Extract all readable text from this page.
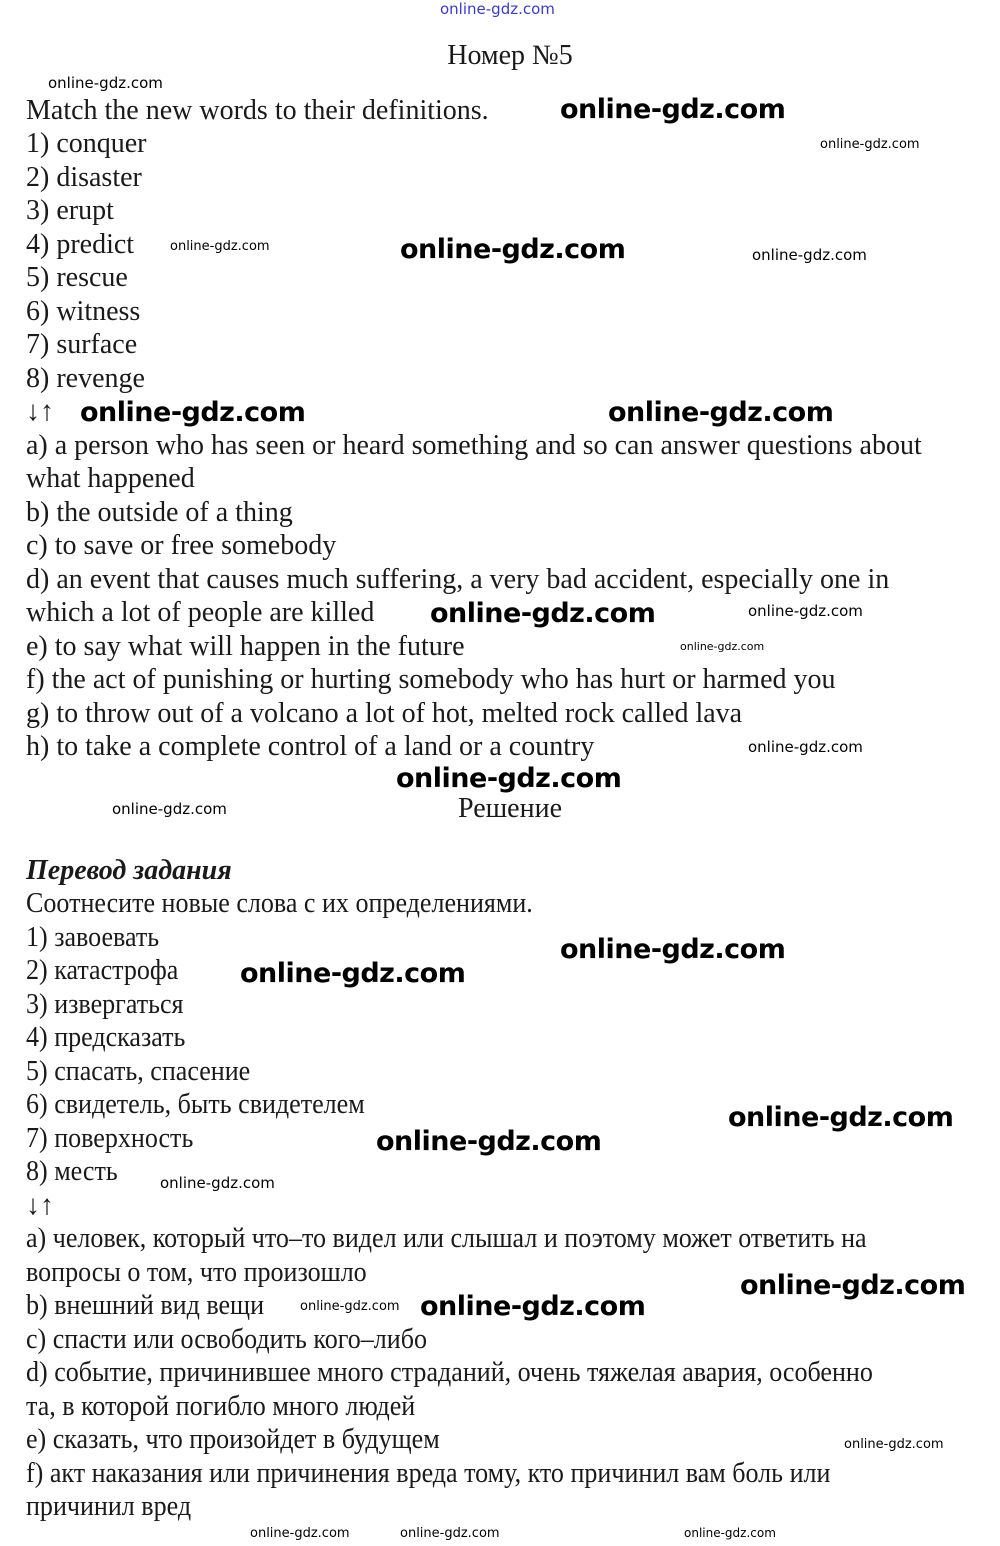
online-gdz.com
Номер №5
Match the new words to their definitions.
1) conquer
2) disaster
3) erupt
4) predict
5) rescue
6) witness
7) surface
8) revenge
↓↑
a) a person who has seen or heard something and so can answer questions about
what happened
b) the outside of a thing
c) to save or free somebody
d) an event that causes much suffering, a very bad accident, especially one in
which a lot of people are killed
e) to say what will happen in the future
f) the act of punishing or hurting somebody who has hurt or harmed you
g) to throw out of a volcano a lot of hot, melted rock called lava
h) to take a complete control of a land or a country
Решение
Перевод задания
Соотнесите новые слова с их определениями.
1) завоевать
2) катастрофа
3) извергаться
4) предсказать
5) спасать, спасение
6) свидетель, быть свидетелем
7) поверхность
8) месть
↓↑
a) человек, который что–то видел или слышал и поэтому может ответить на
вопросы о том, что произошло
b) внешний вид вещи
c) спасти или освободить кого–либо
d) событие, причинившее много страданий, очень тяжелая авария, особенно
та, в которой погибло много людей
e) сказать, что произойдет в будущем
f) акт наказания или причинения вреда тому, кто причинил вам боль или
причинил вред
online-gdz.com
online-gdz.com
online-gdz.com
online-gdz.com	online-gdz.com	online-gdz.com
online-gdz.com	online-gdz.com
online-gdz.com	online-gdz.com
online-gdz.com
online-gdz.com
online-gdz.com
online-gdz.com
online-gdz.com
online-gdz.com
online-gdz.com
online-gdz.com
online-gdz.com
online-gdz.com
online-gdz.com
online-gdz.com
online-gdz.com
online-gdz.com	online-gdz.com	online-gdz.com
